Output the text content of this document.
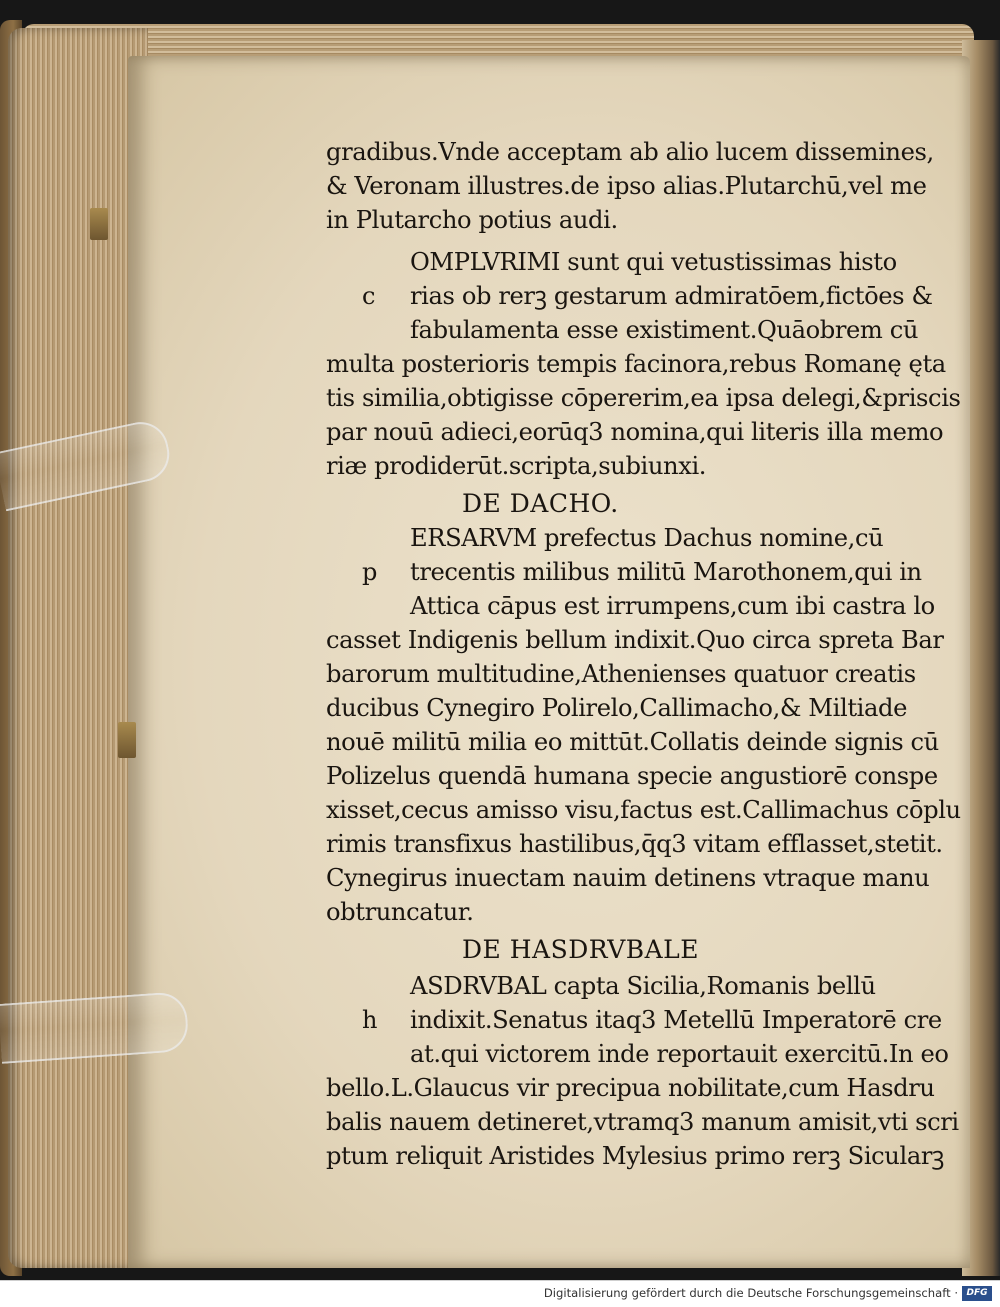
gradibus.Vnde acceptam ab alio lucem dissemines,
& Veronam illustres.de ipso alias.Plutarchū,vel me
in Plutarcho potius audi.
OMPLVRIMI sunt qui vetustissimas histo
c rias ob rerꝫ gestarum admiratōem,fictōes &
fabulamenta esse existiment.Quāobrem cū
multa posterioris tempis facinora,rebus Romanę ęta
tis similia,obtigisse cōpererim,ea ipsa delegi,&priscis
par nouū adieci,eorūq3 nomina,qui literis illa memo
riæ prodiderūt.scripta,subiunxi.
DE DACHO.
ERSARVM prefectus Dachus nomine,cū
p trecentis milibus militū Marothonem,qui in
Attica cāpus est irrumpens,cum ibi castra lo
casset Indigenis bellum indixit.Quo circa spreta Bar
barorum multitudine,Athenienses quatuor creatis
ducibus Cynegiro Polirelo,Callimacho,& Miltiade
nouē militū milia eo mittūt.Collatis deinde signis cū
Polizelus quendā humana specie angustiorē conspe
xisset,cecus amisso visu,factus est.Callimachus cōplu
rimis transfixus hastilibus,q̄q3 vitam efflasset,stetit.
Cynegirus inuectam nauim detinens vtraque manu
obtruncatur.
DE HASDRVBALE
ASDRVBAL capta Sicilia,Romanis bellū
h indixit.Senatus itaq3 Metellū Imperatorē cre
at.qui victorem inde reportauit exercitū.In eo
bello.L.Glaucus vir precipua nobilitate,cum Hasdru
balis nauem detineret,vtramq3 manum amisit,vti scri
ptum reliquit Aristides Mylesius primo rerꝫ Sicularꝫ
Digitalisierung gefördert durch die Deutsche Forschungsgemeinschaft · DFG
